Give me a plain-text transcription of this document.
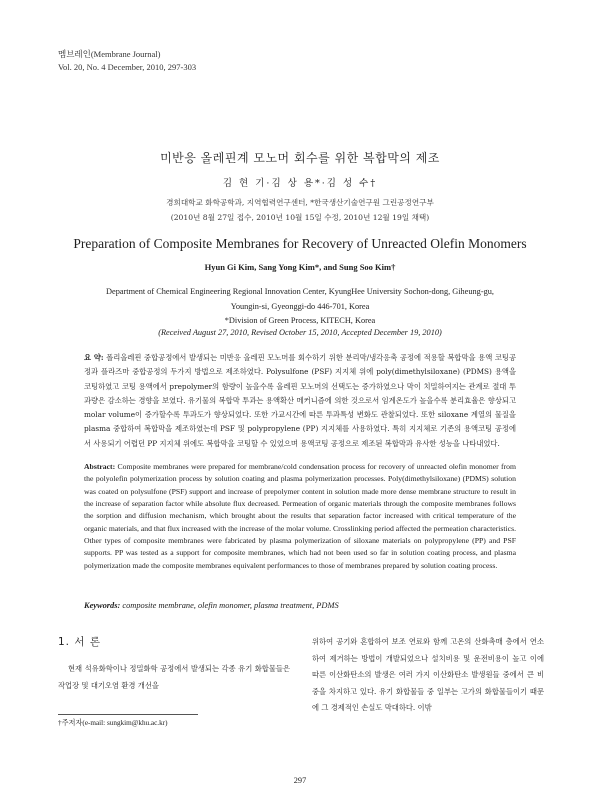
멤브레인(Membrane Journal)
Vol. 20, No. 4 December, 2010, 297-303
미반응 올레핀계 모노머 회수를 위한 복합막의 제조
김 현 기·김 상 용*·김 성 수†
경희대학교 화학공학과, 지역협력연구센터, *한국생산기술연구원 그린공정연구부
(2010년 8월 27일 접수, 2010년 10월 15일 수정, 2010년 12월 19일 채택)
Preparation of Composite Membranes for Recovery of Unreacted Olefin Monomers
Hyun Gi Kim, Sang Yong Kim*, and Sung Soo Kim†
Department of Chemical Engineering Regional Innovation Center, KyungHee University Sochon-dong, Giheung-gu,
Youngin-si, Gyeonggi-do 446-701, Korea
*Division of Green Process, KITECH, Korea
(Received August 27, 2010, Revised October 15, 2010, Accepted December 19, 2010)
요 약: 폴리올레핀 중합공정에서 발생되는 미반응 올레핀 모노머를 회수하기 위한 분리막/냉각응축 공정에 적용할 복합막을 용액 코팅공정과 플라즈마 중합공정의 두가지 방법으로 제조하였다. Polysulfone (PSF) 지지체 위에 poly(dimethylsiloxane) (PDMS) 용액을 코팅하였고 코팅 용액에서 prepolymer의 함량이 높을수록 올레핀 모노머의 선택도는 증가하였으나 막이 치밀하여지는 관계로 절대 투과량은 감소하는 경향을 보였다. 유기물의 복합막 투과는 용액확산 메커니즘에 의한 것으로서 임계온도가 높을수록 분리효율은 향상되고 molar volume이 증가할수록 투과도가 향상되었다. 또한 가교시간에 따른 투과특성 변화도 관찰되었다. 또한 siloxane 계열의 물질을 plasma 중합하여 복합막을 제조하였는데 PSF 및 polypropylene (PP) 지지체를 사용하였다. 특히 지지체로 기존의 용액코팅 공정에서 사용되기 어렵던 PP 지지체 위에도 복합막을 코팅할 수 있었으며 용액코팅 공정으로 제조된 복합막과 유사한 성능을 나타내었다.
Abstract: Composite membranes were prepared for membrane/cold condensation process for recovery of unreacted olefin monomer from the polyolefin polymerization process by solution coating and plasma polymerization processes. Poly(dimethylsiloxane) (PDMS) solution was coated on polysulfone (PSF) support and increase of prepolymer content in solution made more dense membrane structure to result in the increase of separation factor while absolute flux decreased. Permeation of organic materials through the composite membranes follows the sorption and diffusion mechanism, which brought about the results that separation factor increased with critical temperature of the organic materials, and that flux increased with the increase of the molar volume. Crosslinking period affected the permeation characteristics. Other types of composite membranes were fabricated by plasma polymerization of siloxane materials on polypropylene (PP) and PSF supports. PP was tested as a support for composite membranes, which had not been used so far in solution coating process, and plasma polymerization made the composite membranes equivalent performances to those of membranes prepared by solution coating process.
Keywords: composite membrane, olefin monomer, plasma treatment, PDMS
1. 서 론
현재 석유화학이나 정밀화학 공정에서 발생되는 각종 유기 화합물들은 작업장 및 대기오염 환경 개선을
위하여 공기와 혼합하여 보조 연료와 함께 고온의 산화촉매 층에서 연소하여 제거하는 방법이 개발되었으나 설치비용 및 운전비용이 높고 이에 따른 이산화탄소의 발생은 여러 가지 이산화탄소 발생원들 중에서 큰 비중을 차지하고 있다. 유기 화합물들 중 일부는 고가의 화합물들이기 때문에 그 경제적인 손실도 막대하다. 이밖
†주저자(e-mail: sungkim@khu.ac.kr)
297
